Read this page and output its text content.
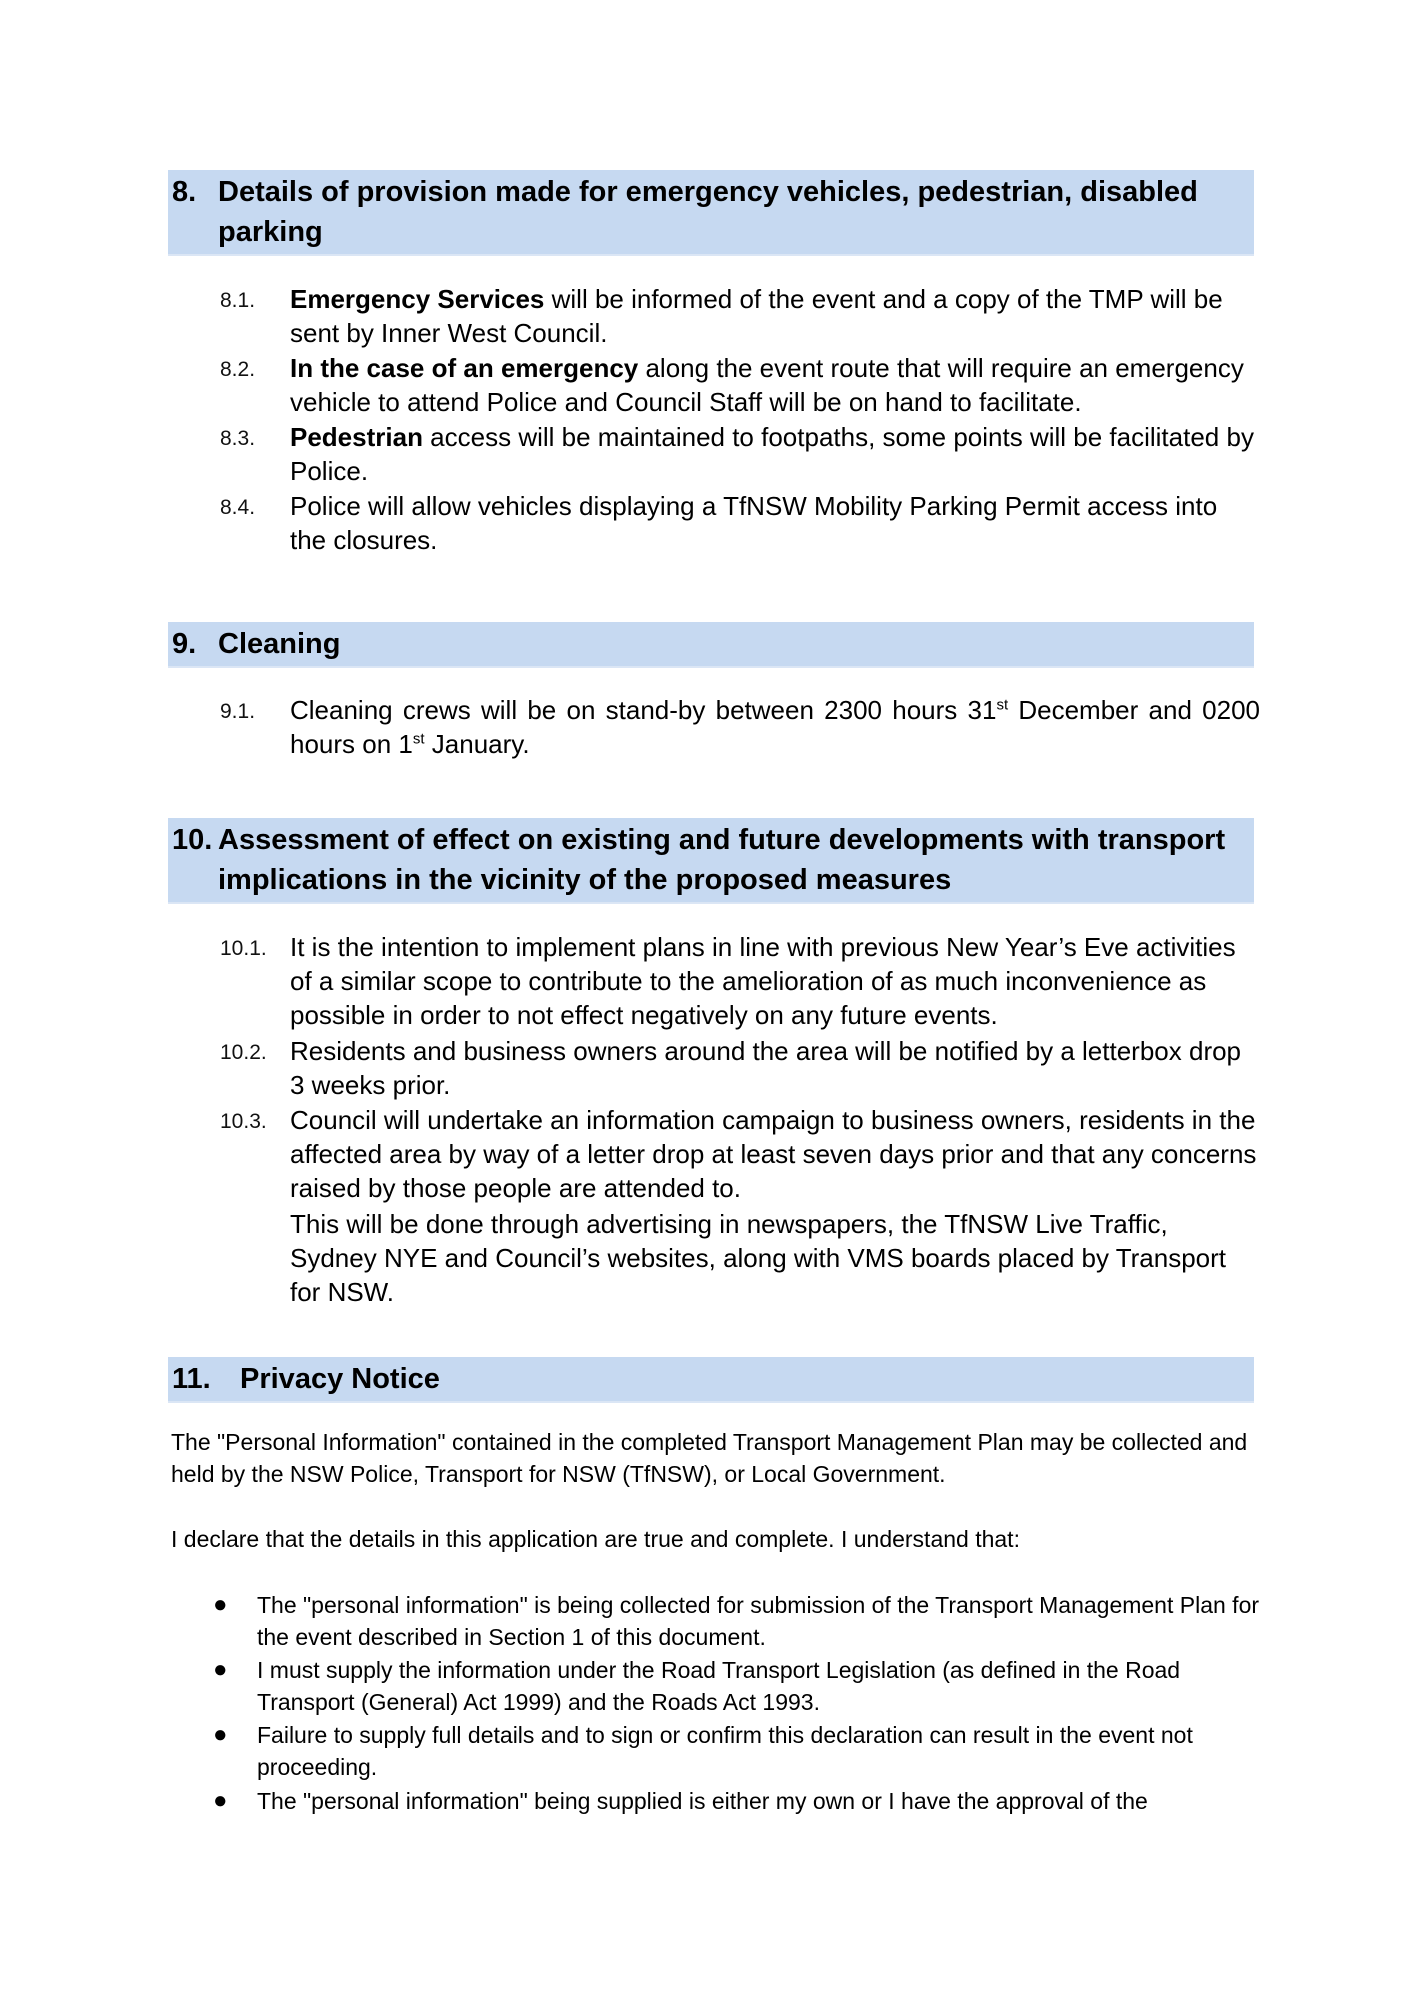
8. Details of provision made for emergency vehicles, pedestrian, disabled parking
8.1. Emergency Services will be informed of the event and a copy of the TMP will be sent by Inner West Council.
8.2. In the case of an emergency along the event route that will require an emergency vehicle to attend Police and Council Staff will be on hand to facilitate.
8.3. Pedestrian access will be maintained to footpaths, some points will be facilitated by Police.
8.4. Police will allow vehicles displaying a TfNSW Mobility Parking Permit access into the closures.
9. Cleaning
9.1. Cleaning crews will be on stand-by between 2300 hours 31st December and 0200 hours on 1st January.
10. Assessment of effect on existing and future developments with transport implications in the vicinity of the proposed measures
10.1. It is the intention to implement plans in line with previous New Year’s Eve activities of a similar scope to contribute to the amelioration of as much inconvenience as possible in order to not effect negatively on any future events.
10.2. Residents and business owners around the area will be notified by a letterbox drop 3 weeks prior.
10.3. Council will undertake an information campaign to business owners, residents in the affected area by way of a letter drop at least seven days prior and that any concerns raised by those people are attended to.
This will be done through advertising in newspapers, the TfNSW Live Traffic, Sydney NYE and Council’s websites, along with VMS boards placed by Transport for NSW.
11.	Privacy Notice
The "Personal Information" contained in the completed Transport Management Plan may be collected and held by the NSW Police, Transport for NSW (TfNSW), or Local Government.
I declare that the details in this application are true and complete. I understand that:
● The "personal information" is being collected for submission of the Transport Management Plan for the event described in Section 1 of this document.
● I must supply the information under the Road Transport Legislation (as defined in the Road Transport (General) Act 1999) and the Roads Act 1993.
● Failure to supply full details and to sign or confirm this declaration can result in the event not proceeding.
● The "personal information" being supplied is either my own or I have the approval of the
